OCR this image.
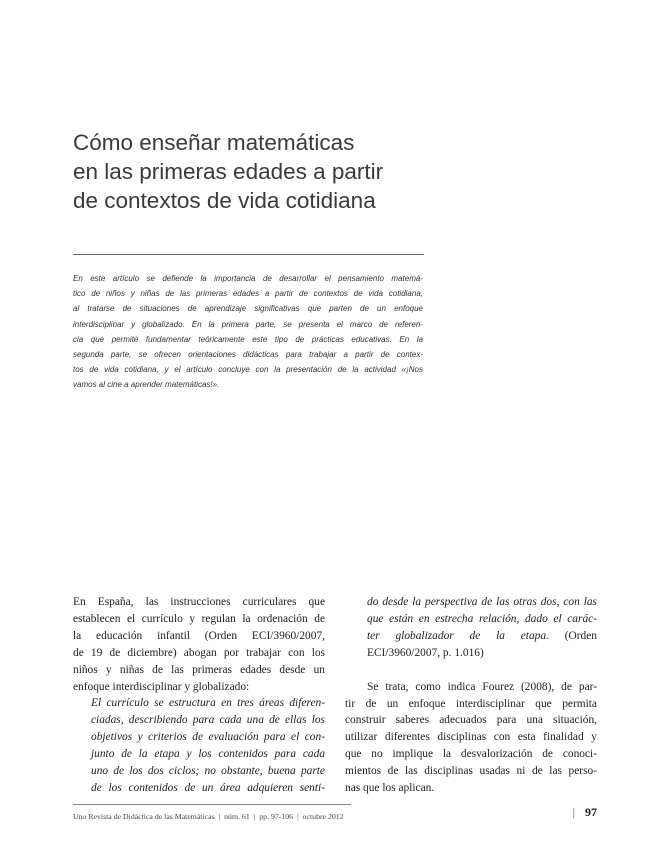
Cómo enseñar matemáticas
en las primeras edades a partir
de contextos de vida cotidiana
En este artículo se defiende la importancia de desarrollar el pensamiento matemá-
tico de niños y niñas de las primeras edades a partir de contextos de vida cotidiana,
al tratarse de situaciones de aprendizaje significativas que parten de un enfoque
interdisciplinar y globalizado. En la primera parte, se presenta el marco de referen-
cia que permite fundamentar teóricamente este tipo de prácticas educativas. En la
segunda parte, se ofrecen orientaciones didácticas para trabajar a partir de contex-
tos de vida cotidiana, y el artículo concluye con la presentación de la actividad «¡Nos
vamos al cine a aprender matemáticas!».
En España, las instrucciones curriculares que
establecen el currículo y regulan la ordenación de
la educación infantil (Orden ECI/3960/2007,
de 19 de diciembre) abogan por trabajar con los
niños y niñas de las primeras edades desde un
enfoque interdisciplinar y globalizado:
El currículo se estructura en tres áreas diferen-
ciadas, describiendo para cada una de ellas los
objetivos y criterios de evaluación para el con-
junto de la etapa y los contenidos para cada
uno de los dos ciclos; no obstante, buena parte
de los contenidos de un área adquieren senti-
do desde la perspectiva de las otras dos, con las
que están en estrecha relación, dado el carác-
ter globalizador de la etapa. (Orden
ECI/3960/2007, p. 1.016)
Se trata, como indica Fourez (2008), de par-
tir de un enfoque interdisciplinar que permita
construir saberes adecuados para una situación,
utilizar diferentes disciplinas con esta finalidad y
que no implique la desvalorización de conoci-
mientos de las disciplinas usadas ni de las perso-
nas que los aplican.
Uno Revista de Didáctica de las Matemáticas | núm. 61 | pp. 97-106 | octubre 2012	| 97
